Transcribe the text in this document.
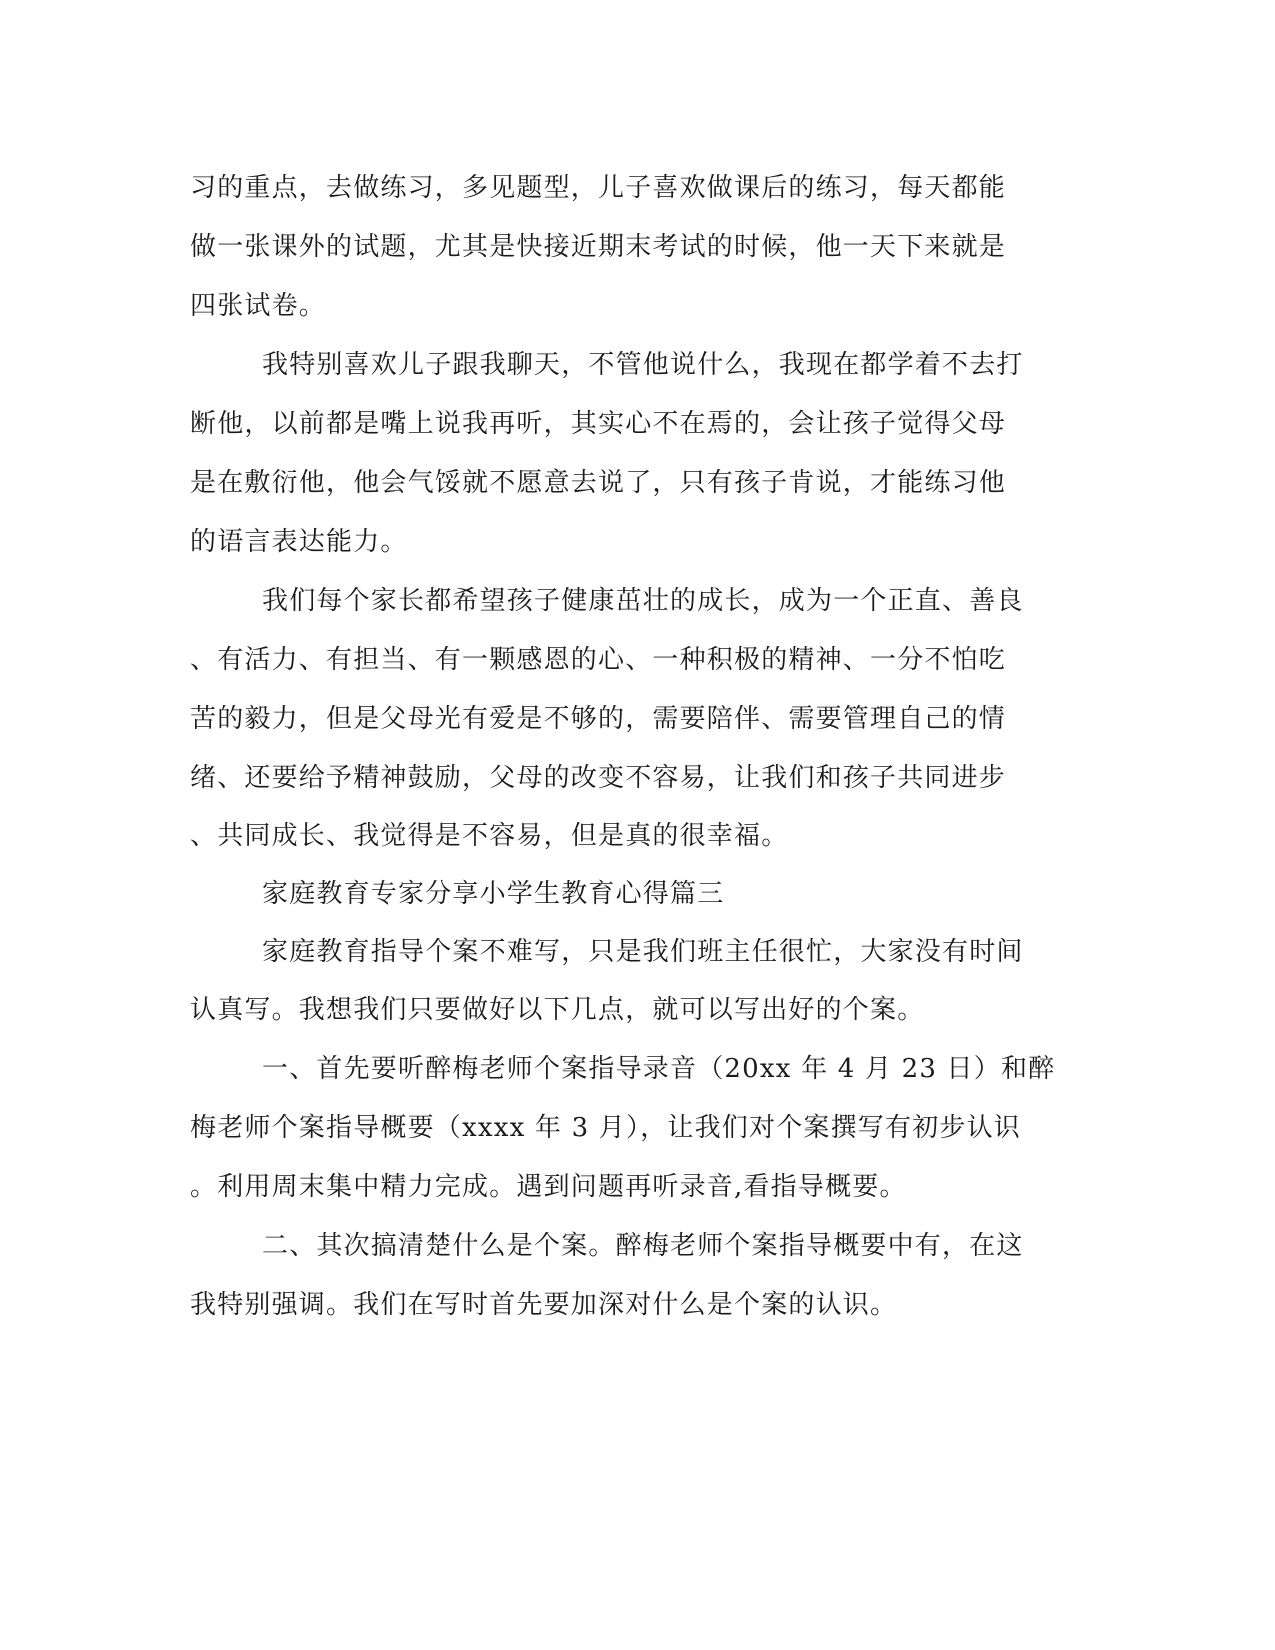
习的重点，去做练习，多见题型，儿子喜欢做课后的练习，每天都能
做一张课外的试题，尤其是快接近期末考试的时候，他一天下来就是
四张试卷。
我特别喜欢儿子跟我聊天，不管他说什么，我现在都学着不去打
断他，以前都是嘴上说我再听，其实心不在焉的，会让孩子觉得父母
是在敷衍他，他会气馁就不愿意去说了，只有孩子肯说，才能练习他
的语言表达能力。
我们每个家长都希望孩子健康茁壮的成长，成为一个正直、善良
、有活力、有担当、有一颗感恩的心、一种积极的精神、一分不怕吃
苦的毅力，但是父母光有爱是不够的，需要陪伴、需要管理自己的情
绪、还要给予精神鼓励，父母的改变不容易，让我们和孩子共同进步
、共同成长、我觉得是不容易，但是真的很幸福。
家庭教育专家分享小学生教育心得篇三
家庭教育指导个案不难写，只是我们班主任很忙，大家没有时间
认真写。我想我们只要做好以下几点，就可以写出好的个案。
一、首先要听醉梅老师个案指导录音（20xx 年 4 月 23 日）和醉
梅老师个案指导概要（xxxx 年 3 月），让我们对个案撰写有初步认识
。利用周末集中精力完成。遇到问题再听录音,看指导概要。
二、其次搞清楚什么是个案。醉梅老师个案指导概要中有，在这
我特别强调。我们在写时首先要加深对什么是个案的认识。
